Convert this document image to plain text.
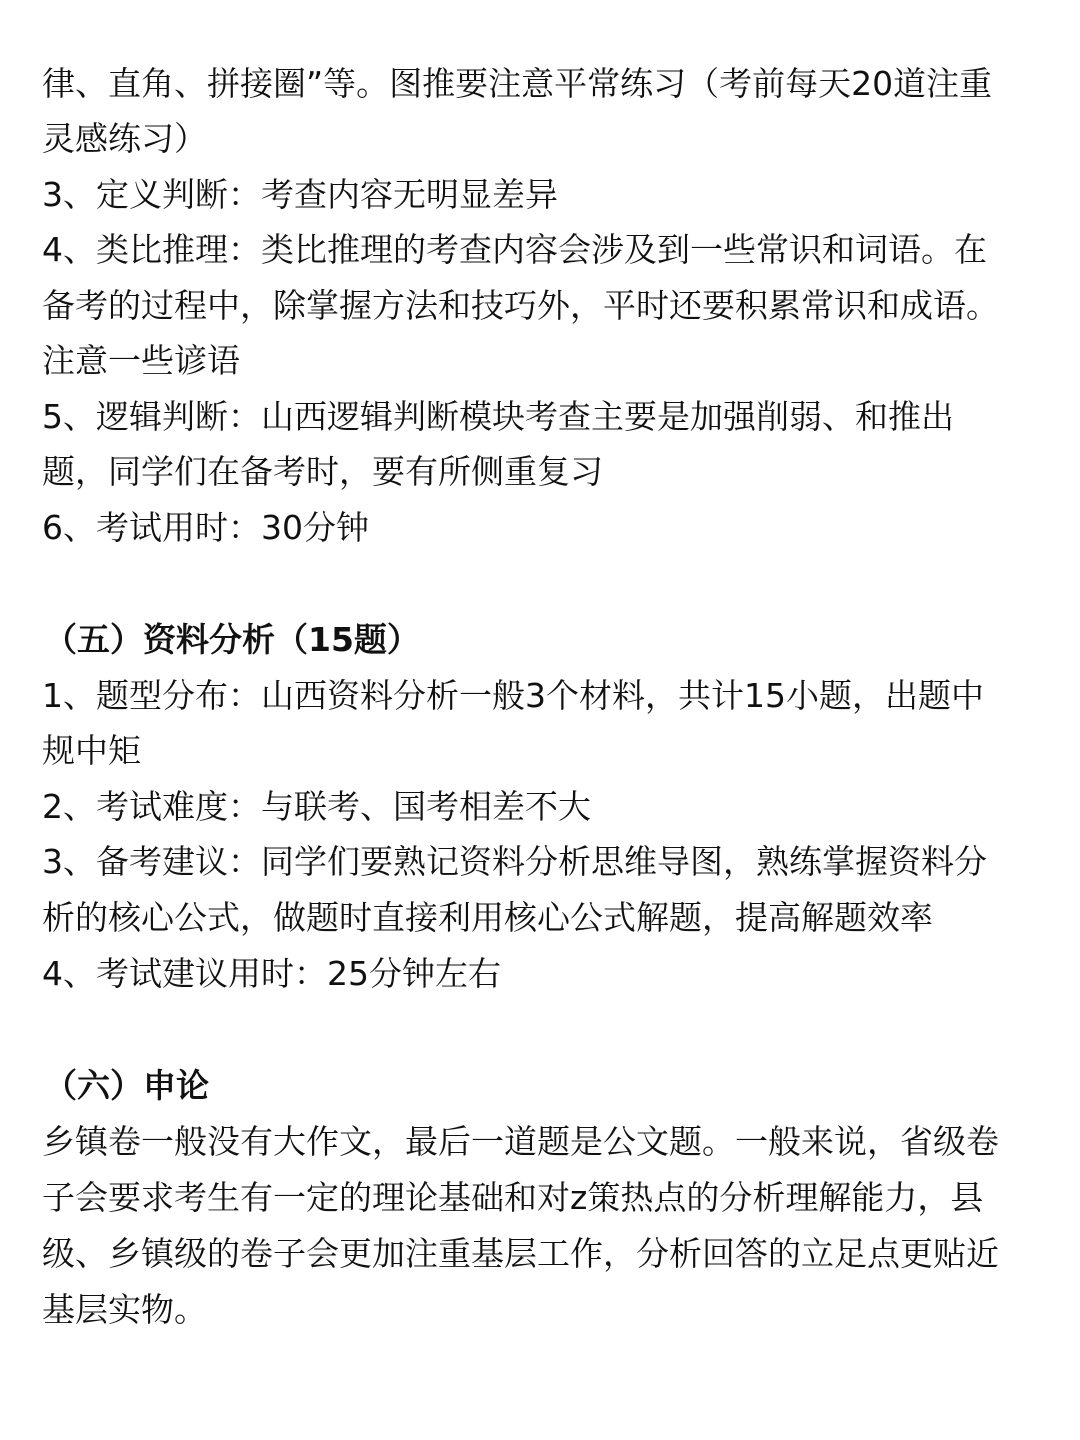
律、直角、拼接圈”等。图推要注意平常练习（考前每天20道注重
灵感练习）
3、定义判断：考查内容无明显差异
4、类比推理：类比推理的考查内容会涉及到一些常识和词语。在
备考的过程中，除掌握方法和技巧外，平时还要积累常识和成语。
注意一些谚语
5、逻辑判断：山西逻辑判断模块考查主要是加强削弱、和推出
题，同学们在备考时，要有所侧重复习
6、考试用时：30分钟
（五）资料分析（15题）
1、题型分布：山西资料分析一般3个材料，共计15小题，出题中
规中矩
2、考试难度：与联考、国考相差不大
3、备考建议：同学们要熟记资料分析思维导图，熟练掌握资料分
析的核心公式，做题时直接利用核心公式解题，提高解题效率
4、考试建议用时：25分钟左右
（六）申论
乡镇卷一般没有大作文，最后一道题是公文题。一般来说，省级卷
子会要求考生有一定的理论基础和对z策热点的分析理解能力，县
级、乡镇级的卷子会更加注重基层工作，分析回答的立足点更贴近
基层实物。
